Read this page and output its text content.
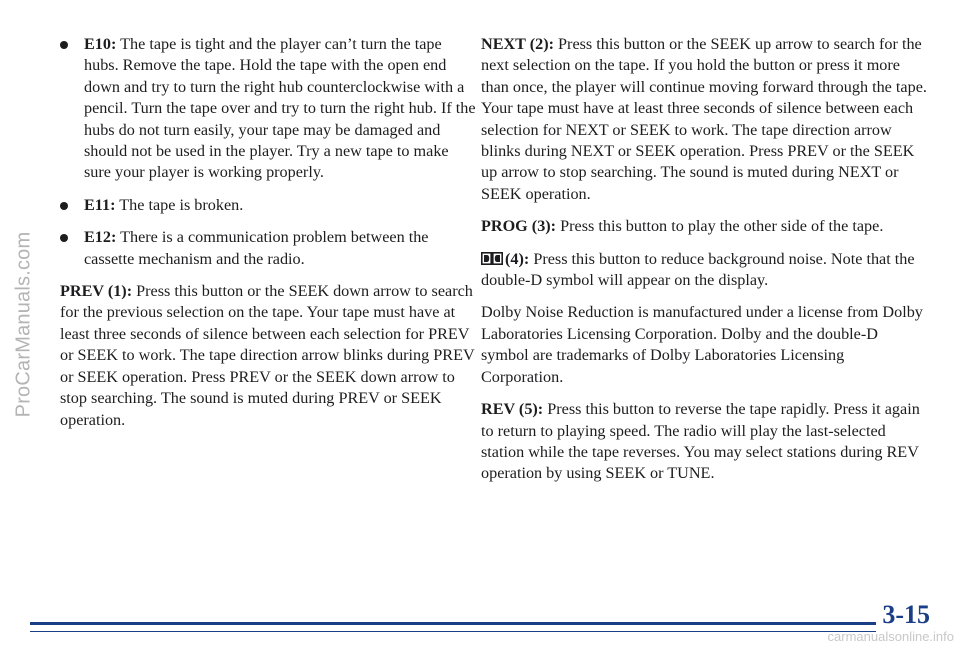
ProCarManuals.com
E10: The tape is tight and the player can’t turn the tape hubs. Remove the tape. Hold the tape with the open end down and try to turn the right hub counterclockwise with a pencil. Turn the tape over and try to turn the right hub. If the hubs do not turn easily, your tape may be damaged and should not be used in the player. Try a new tape to make sure your player is working properly.
E11: The tape is broken.
E12: There is a communication problem between the cassette mechanism and the radio.

PREV (1): Press this button or the SEEK down arrow to search for the previous selection on the tape. Your tape must have at least three seconds of silence between each selection for PREV or SEEK to work. The tape direction arrow blinks during PREV or SEEK operation. Press PREV or the SEEK down arrow to stop searching. The sound is muted during PREV or SEEK operation.

NEXT (2): Press this button or the SEEK up arrow to search for the next selection on the tape. If you hold the button or press it more than once, the player will continue moving forward through the tape. Your tape must have at least three seconds of silence between each selection for NEXT or SEEK to work. The tape direction arrow blinks during NEXT or SEEK operation. Press PREV or the SEEK up arrow to stop searching. The sound is muted during NEXT or SEEK operation.

PROG (3): Press this button to play the other side of the tape.

(4): Press this button to reduce background noise. Note that the double-D symbol will appear on the display.

Dolby Noise Reduction is manufactured under a license from Dolby Laboratories Licensing Corporation. Dolby and the double-D symbol are trademarks of Dolby Laboratories Licensing Corporation.

REV (5): Press this button to reverse the tape rapidly. Press it again to return to playing speed. The radio will play the last-selected station while the tape reverses. You may select stations during REV operation by using SEEK or TUNE.

3-15
carmanualsonline.info
